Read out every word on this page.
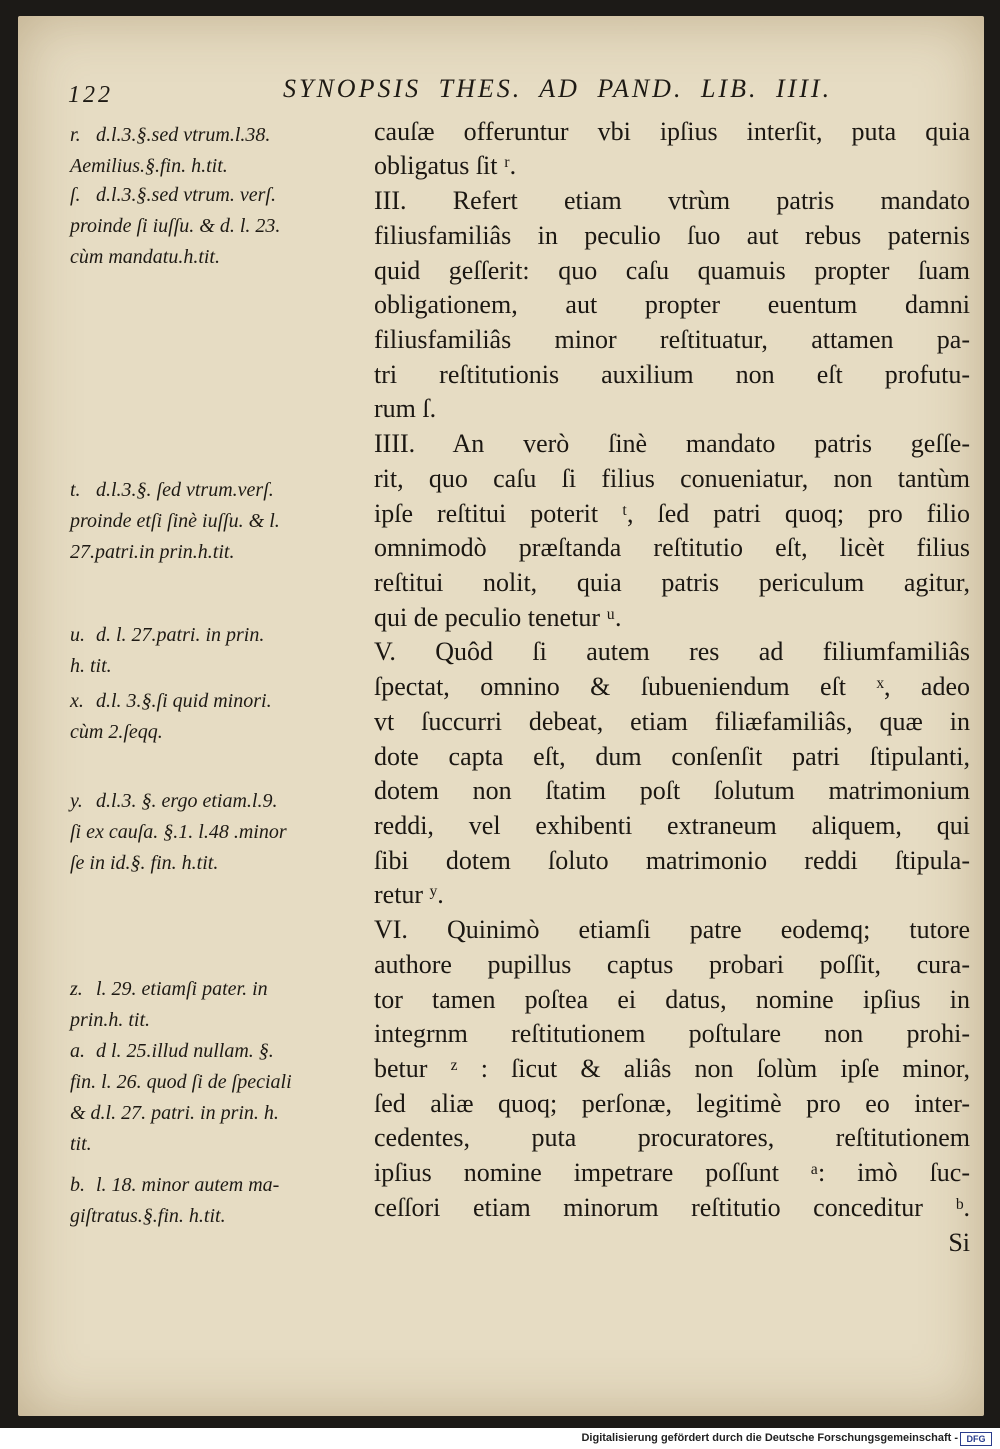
122	SYNOPSIS THES. AD PAND. LIB. IIII.
r. d.l.3.§.sed vtrum.l.38.
Aemilius.§.fin. h.tit.
ſ. d.l.3.§.sed vtrum. verſ.
proinde ſi iuſſu. & d. l. 23.
cùm mandatu.h.tit.
t. d.l.3.§. ſed vtrum.verſ.
proinde etſi ſinè iuſſu. & l.
27.patri.in prin.h.tit.
u. d. l. 27.patri. in prin.
h. tit.
x. d.l. 3.§.ſi quid minori.
cùm 2.ſeqq.
y. d.l.3. §. ergo etiam.l.9.
ſi ex cauſa. §.1. l.48 .minor
ſe in id.§. fin. h.tit.
z. l. 29. etiamſi pater. in
prin.h. tit.
a. d l. 25.illud nullam. §.
fin. l. 26. quod ſi de ſpeciali
& d.l. 27. patri. in prin. h.
tit.
b. l. 18. minor autem ma-
giſtratus.§.fin. h.tit.
cauſæ offeruntur vbi ipſius interſit, puta quia
obligatus ſit ʳ.
III. Refert etiam vtrùm patris mandato
filiusfamiliâs in peculio ſuo aut rebus paternis
quid geſſerit: quo caſu quamuis propter ſuam
obligationem, aut propter euentum damni
filiusfamiliâs minor reſtituatur, attamen pa-
tri reſtitutionis auxilium non eſt profutu-
rum ſ.
IIII. An verò ſinè mandato patris geſſe-
rit, quo caſu ſi filius conueniatur, non tantùm
ipſe reſtitui poterit ᵗ, ſed patri quoq; pro filio
omnimodò præſtanda reſtitutio eſt, licèt filius
reſtitui nolit, quia patris periculum agitur,
qui de peculio tenetur ᵘ.
V. Quôd ſi autem res ad filiumfamiliâs
ſpectat, omnino & ſubueniendum eſt ˣ, adeo
vt ſuccurri debeat, etiam filiæfamiliâs, quæ in
dote capta eſt, dum conſenſit patri ſtipulanti,
dotem non ſtatim poſt ſolutum matrimonium
reddi, vel exhibenti extraneum aliquem, qui
ſibi dotem ſoluto matrimonio reddi ſtipula-
retur ʸ.
VI. Quinimò etiamſi patre eodemq; tutore
authore pupillus captus probari poſſit, cura-
tor tamen poſtea ei datus, nomine ipſius in
integrnm reſtitutionem poſtulare non prohi-
betur ᶻ : ſicut & aliâs non ſolùm ipſe minor,
ſed aliæ quoq; perſonæ, legitimè pro eo inter-
cedentes, puta procuratores, reſtitutionem
ipſius nomine impetrare poſſunt ᵃ: imò ſuc-
ceſſori etiam minorum reſtitutio conceditur ᵇ.
Si
Digitalisierung gefördert durch die Deutsche Forschungsgemeinschaft - DFG
